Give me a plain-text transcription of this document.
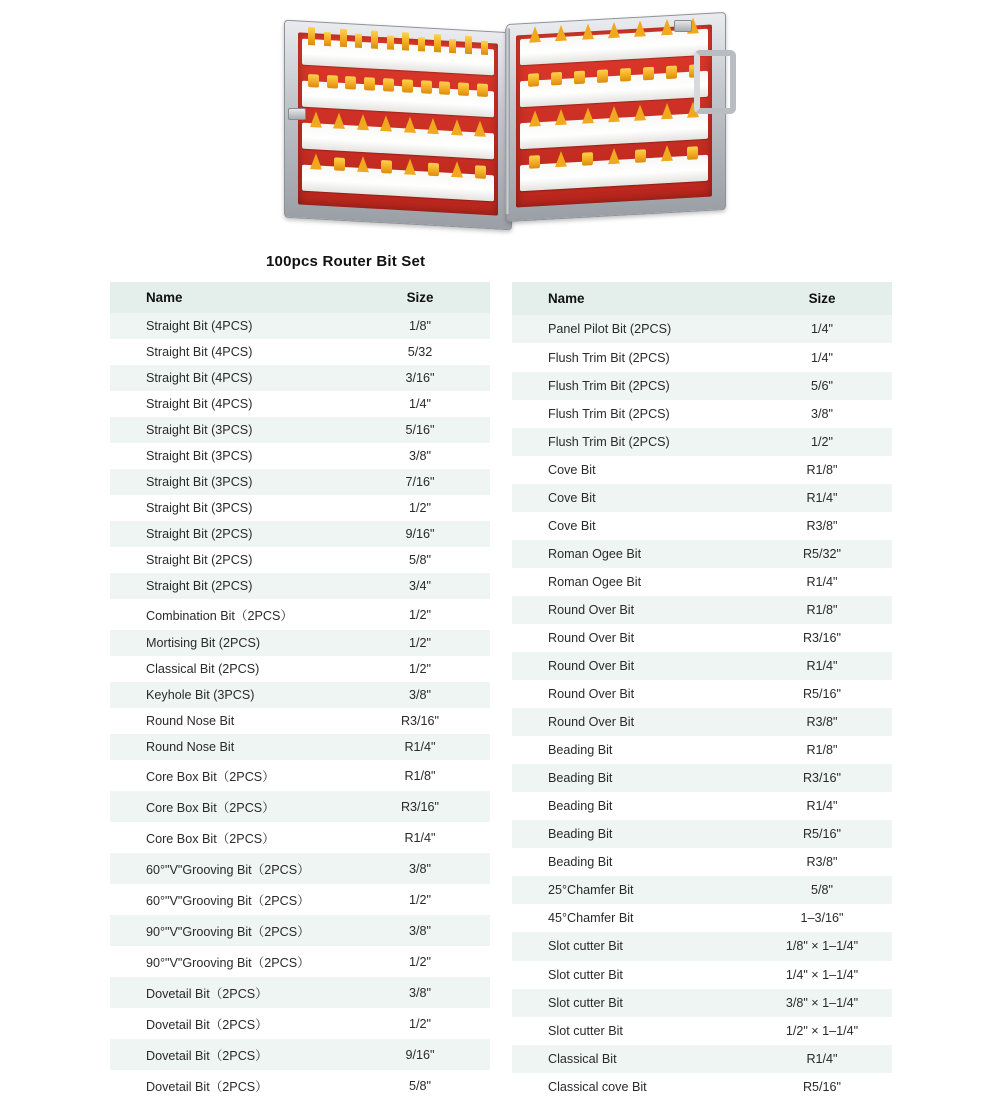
100pcs Router Bit Set
Name	Size
Straight Bit (4PCS)	1/8"
Straight Bit (4PCS)	5/32
Straight Bit (4PCS)	3/16"
Straight Bit (4PCS)	1/4"
Straight Bit (3PCS)	5/16"
Straight Bit (3PCS)	3/8"
Straight Bit (3PCS)	7/16"
Straight Bit (3PCS)	1/2"
Straight Bit (2PCS)	9/16"
Straight Bit (2PCS)	5/8"
Straight Bit (2PCS)	3/4"
Combination Bit（2PCS）	1/2"
Mortising Bit (2PCS)	1/2"
Classical Bit (2PCS)	1/2"
Keyhole Bit (3PCS)	3/8"
Round Nose Bit	R3/16"
Round Nose Bit	R1/4"
Core Box Bit（2PCS）	R1/8"
Core Box Bit（2PCS）	R3/16"
Core Box Bit（2PCS）	R1/4"
60°"V"Grooving Bit（2PCS）	3/8"
60°"V"Grooving Bit（2PCS）	1/2"
90°"V"Grooving Bit（2PCS）	3/8"
90°"V"Grooving Bit（2PCS）	1/2"
Dovetail Bit（2PCS）	3/8"
Dovetail Bit（2PCS）	1/2"
Dovetail Bit（2PCS）	9/16"
Dovetail Bit（2PCS）	5/8"
Name	Size
Panel Pilot Bit (2PCS)	1/4"
Flush Trim Bit (2PCS)	1/4"
Flush Trim Bit (2PCS)	5/6"
Flush Trim Bit (2PCS)	3/8"
Flush Trim Bit (2PCS)	1/2"
Cove Bit	R1/8"
Cove Bit	R1/4"
Cove Bit	R3/8"
Roman Ogee Bit	R5/32"
Roman Ogee Bit	R1/4"
Round Over Bit	R1/8"
Round Over Bit	R3/16"
Round Over Bit	R1/4"
Round Over Bit	R5/16"
Round Over Bit	R3/8"
Beading Bit	R1/8"
Beading Bit	R3/16"
Beading Bit	R1/4"
Beading Bit	R5/16"
Beading Bit	R3/8"
25°Chamfer Bit	5/8"
45°Chamfer Bit	1–3/16"
Slot cutter Bit	1/8" × 1–1/4"
Slot cutter Bit	1/4" × 1–1/4"
Slot cutter Bit	3/8" × 1–1/4"
Slot cutter Bit	1/2" × 1–1/4"
Classical Bit	R1/4"
Classical cove Bit	R5/16"
